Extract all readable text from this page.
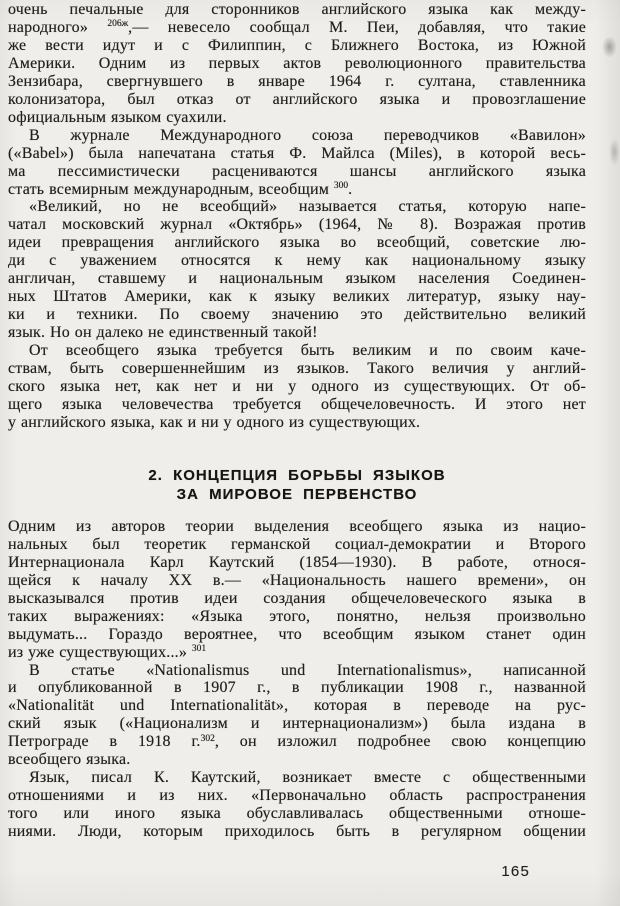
очень печальные для сторонников английского языка как между-
народного» $^{206ж}$,— невесело сообщал М. Пеи, добавляя, что такие
же вести идут и с Филиппин, с Ближнего Востока, из Южной
Америки. Одним из первых актов революционного правительства
Зензибара, свергнувшего в январе 1964 г. султана, ставленника
колонизатора, был отказ от английского языка и провозглашение
официальным языком суахили.
В журнале Международного союза переводчиков «Вавилон»
(«Babel») была напечатана статья Ф. Майлса (Miles), в которой весь-
ма пессимистически расцениваются шансы английского языка
стать всемирным международным, всеобщим $^{300}$.
«Великий, но не всеобщий» называется статья, которую напе-
чатал московский журнал «Октябрь» (1964, № 8). Возражая против
идеи превращения английского языка во всеобщий, советские лю-
ди с уважением относятся к нему как национальному языку
англичан, ставшему и национальным языком населения Соединен-
ных Штатов Америки, как к языку великих литератур, языку нау-
ки и техники. По своему значению это действительно великий
язык. Но он далеко не единственный такой!
От всеобщего языка требуется быть великим и по своим каче-
ствам, быть совершеннейшим из языков. Такого величия у англий-
ского языка нет, как нет и ни у одного из существующих. От об-
щего языка человечества требуется общечеловечность. И этого нет
у английского языка, как и ни у одного из существующих.
2. КОНЦЕПЦИЯ БОРЬБЫ ЯЗЫКОВ
ЗА МИРОВОЕ ПЕРВЕНСТВО
Одним из авторов теории выделения всеобщего языка из нацио-
нальных был теоретик германской социал-демократии и Второго
Интернационала Карл Каутский (1854—1930). В работе, относя-
щейся к началу XX в.— «Национальность нашего времени», он
высказывался против идеи создания общечеловеческого языка в
таких выражениях: «Языка этого, понятно, нельзя произвольно
выдумать... Гораздо вероятнее, что всеобщим языком станет один
из уже существующих...» $^{301}$
В статье «Nationalismus und Internationalismus», написанной
и опубликованной в 1907 г., в публикации 1908 г., названной
«Nationalität und Internationalität», которая в переводе на рус-
ский язык («Национализм и интернационализм») была издана в
Петрограде в 1918 г.$^{302}$, он изложил подробнее свою концепцию
всеобщего языка.
Язык, писал К. Каутский, возникает вместе с общественными
отношениями и из них. «Первоначально область распространения
того или иного языка обуславливалась общественными отноше-
ниями. Люди, которым приходилось быть в регулярном общении
165
